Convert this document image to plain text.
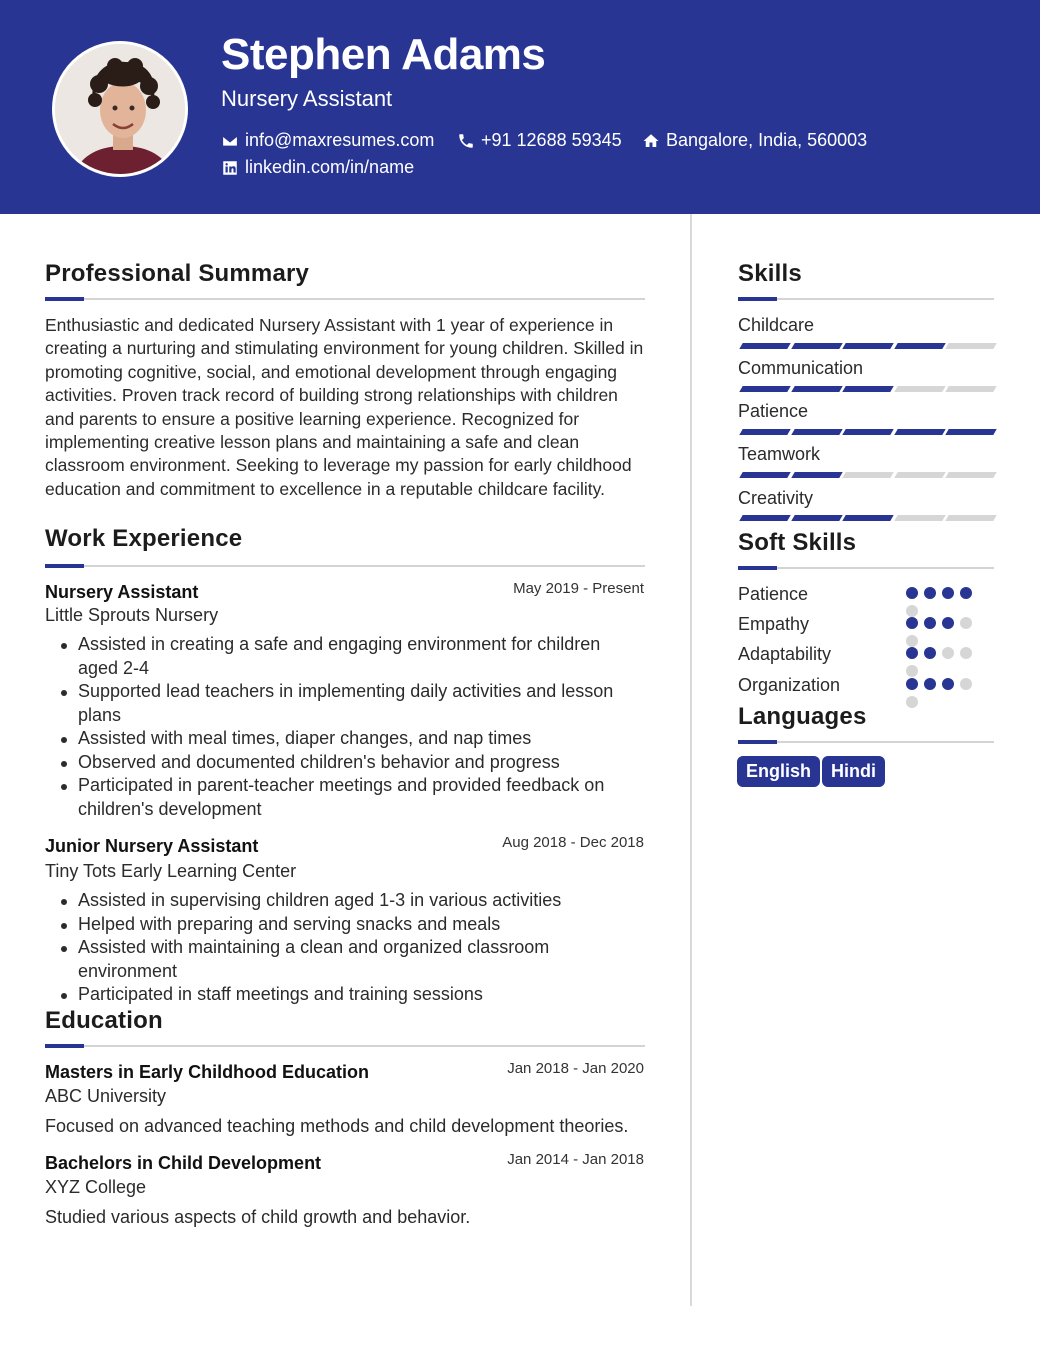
Stephen Adams
Nursery Assistant
info@maxresumes.com	+91 12688 59345 Bangalore, India, 560003
linkedin.com/in/name
Professional Summary
Enthusiastic and dedicated Nursery Assistant with 1 year of experience in creating a nurturing and stimulating environment for young children. Skilled in promoting cognitive, social, and emotional development through engaging activities. Proven track record of building strong relationships with children and parents to ensure a positive learning experience. Recognized for implementing creative lesson plans and maintaining a safe and clean classroom environment. Seeking to leverage my passion for early childhood education and commitment to excellence in a reputable childcare facility.
Work Experience
Nursery Assistant	May 2019 - Present
Little Sprouts Nursery
Assisted in creating a safe and engaging environment for children aged 2-4
Supported lead teachers in implementing daily activities and lesson plans
Assisted with meal times, diaper changes, and nap times
Observed and documented children's behavior and progress
Participated in parent-teacher meetings and provided feedback on children's development
Junior Nursery Assistant	Aug 2018 - Dec 2018
Tiny Tots Early Learning Center
Assisted in supervising children aged 1-3 in various activities
Helped with preparing and serving snacks and meals
Assisted with maintaining a clean and organized classroom environment
Participated in staff meetings and training sessions
Education
Masters in Early Childhood Education	Jan 2018 - Jan 2020
ABC University
Focused on advanced teaching methods and child development theories.
Bachelors in Child Development	Jan 2014 - Jan 2018
XYZ College
Studied various aspects of child growth and behavior.
Skills
Childcare
Communication
Patience
Teamwork
Creativity
Soft Skills
Patience
Empathy
Adaptability
Organization
Languages
English	Hindi
